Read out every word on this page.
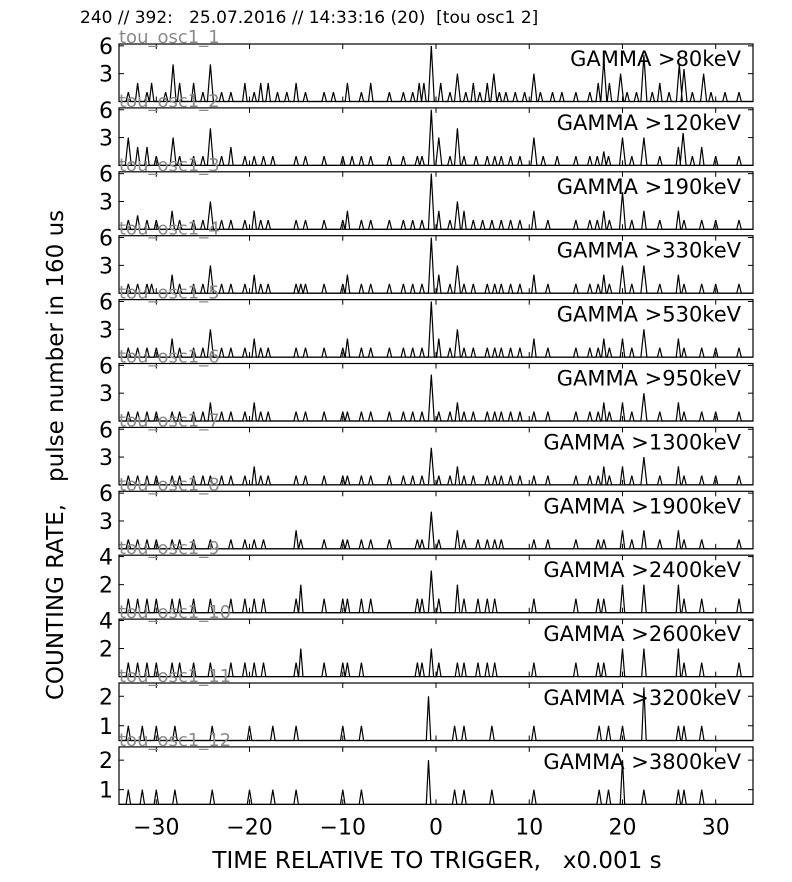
240 // 392:   25.07.2016 // 14:33:16 (20)  [tou osc1 2]
COUNTING RATE,   pulse number in 160 us
3
6	GAMMA >80keV
tou_osc1_1
3
6	GAMMA >120keV
tou_osc1_2
3
6	GAMMA >190keV
tou_osc1_3
3
6	GAMMA >330keV
tou_osc1_4
3
6	GAMMA >530keV
tou_osc1_5
3
6	GAMMA >950keV
tou_osc1_6
3
6	GAMMA >1300keV
tou_osc1_7
3
6	GAMMA >1900keV
tou_osc1_8
2
4	GAMMA >2400keV
tou_osc1_9
2
4	GAMMA >2600keV
tou_osc1_10
1
2	GAMMA >3200keV
tou_osc1_11
1
2	GAMMA >3800keV
tou_osc1_12
−30 −20 −10	0	10	20	30
TIME RELATIVE TO TRIGGER,   x0.001 s
